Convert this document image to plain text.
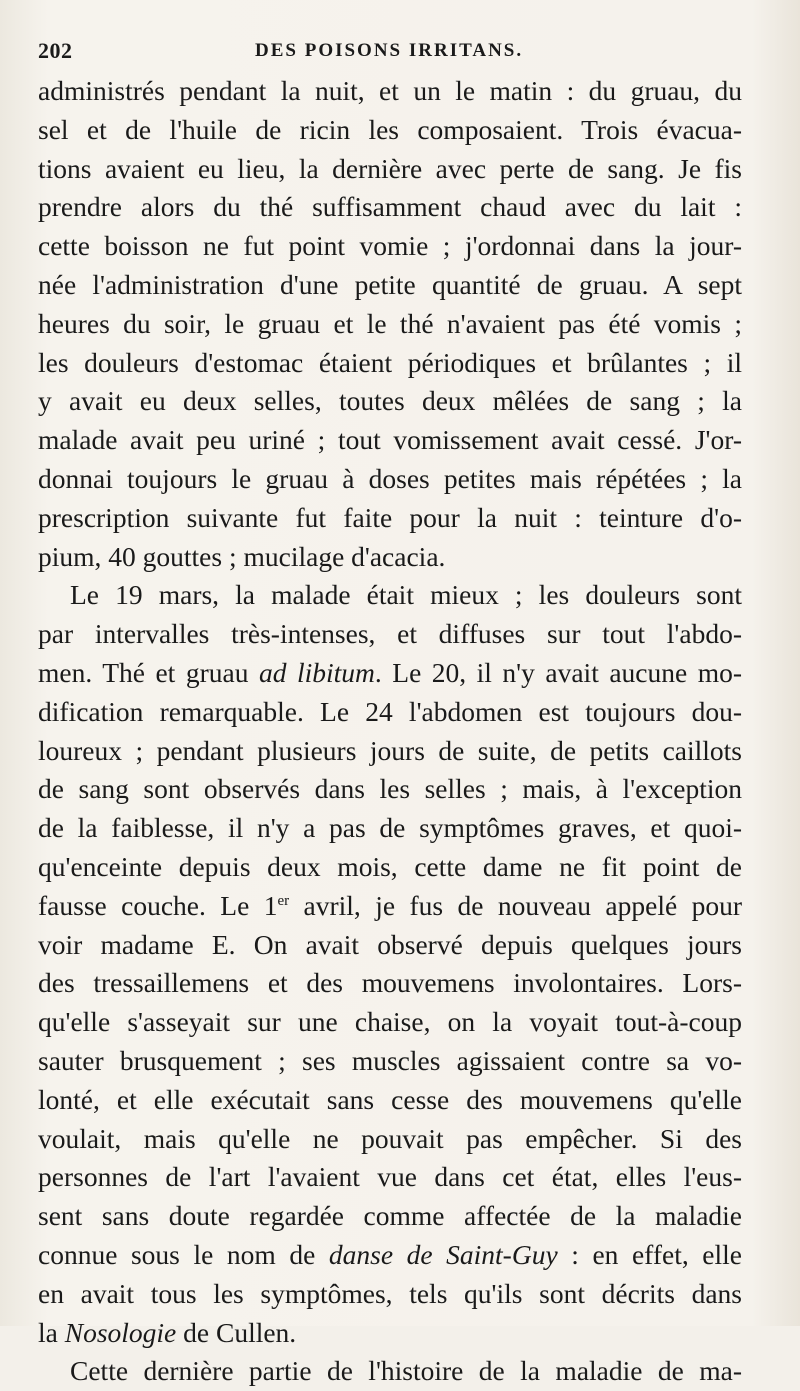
202	DES POISONS IRRITANS.
administrés pendant la nuit, et un le matin : du gruau, du
sel et de l'huile de ricin les composaient. Trois évacua-
tions avaient eu lieu, la dernière avec perte de sang. Je fis
prendre alors du thé suffisamment chaud avec du lait :
cette boisson ne fut point vomie ; j'ordonnai dans la jour-
née l'administration d'une petite quantité de gruau. A sept
heures du soir, le gruau et le thé n'avaient pas été vomis ;
les douleurs d'estomac étaient périodiques et brûlantes ; il
y avait eu deux selles, toutes deux mêlées de sang ; la
malade avait peu uriné ; tout vomissement avait cessé. J'or-
donnai toujours le gruau à doses petites mais répétées ; la
prescription suivante fut faite pour la nuit : teinture d'o-
pium, 40 gouttes ; mucilage d'acacia.
Le 19 mars, la malade était mieux ; les douleurs sont
par intervalles très-intenses, et diffuses sur tout l'abdo-
men. Thé et gruau ad libitum. Le 20, il n'y avait aucune mo-
dification remarquable. Le 24 l'abdomen est toujours dou-
loureux ; pendant plusieurs jours de suite, de petits caillots
de sang sont observés dans les selles ; mais, à l'exception
de la faiblesse, il n'y a pas de symptômes graves, et quoi-
qu'enceinte depuis deux mois, cette dame ne fit point de
fausse couche. Le 1er avril, je fus de nouveau appelé pour
voir madame E. On avait observé depuis quelques jours
des tressaillemens et des mouvemens involontaires. Lors-
qu'elle s'asseyait sur une chaise, on la voyait tout-à-coup
sauter brusquement ; ses muscles agissaient contre sa vo-
lonté, et elle exécutait sans cesse des mouvemens qu'elle
voulait, mais qu'elle ne pouvait pas empêcher. Si des
personnes de l'art l'avaient vue dans cet état, elles l'eus-
sent sans doute regardée comme affectée de la maladie
connue sous le nom de danse de Saint-Guy : en effet, elle
en avait tous les symptômes, tels qu'ils sont décrits dans
la Nosologie de Cullen.
Cette dernière partie de l'histoire de la maladie de ma-
